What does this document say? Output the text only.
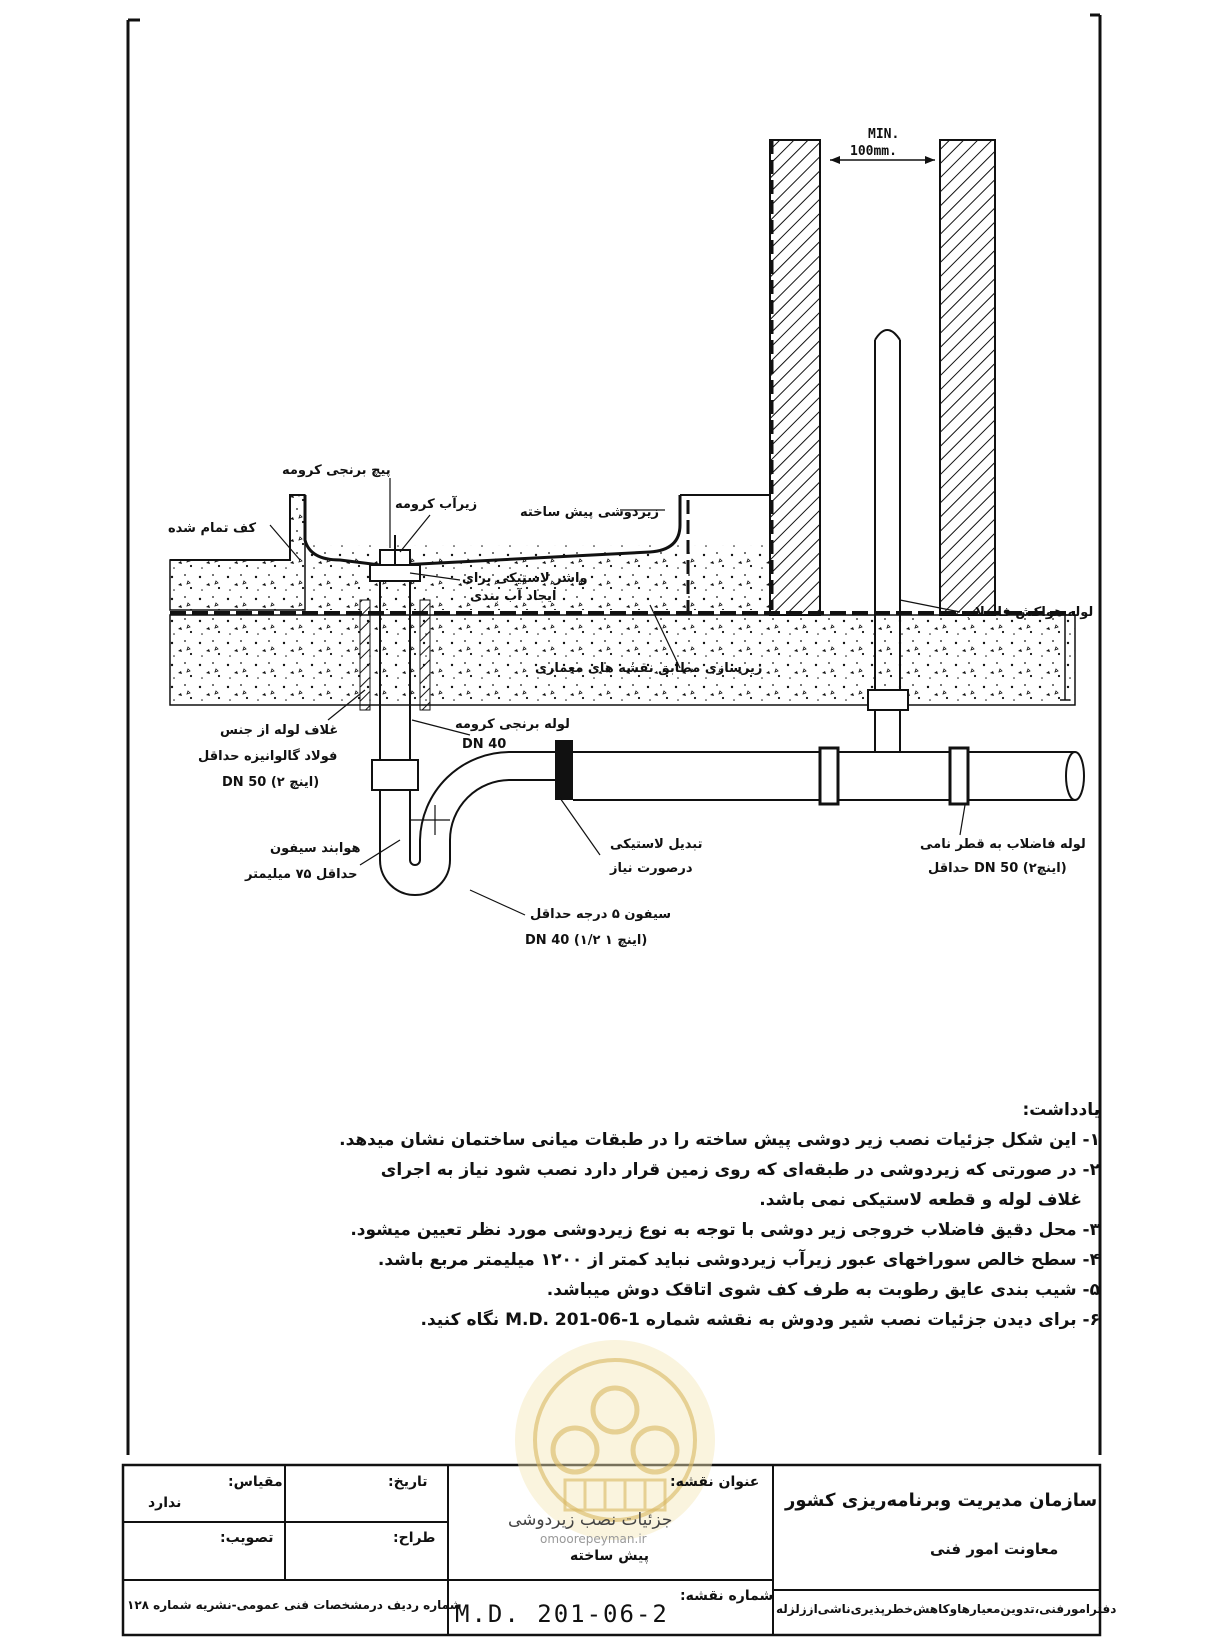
MIN.
100mm.
پیچ برنجی کرومه
زیرآب کرومه
زیردوشی پیش ساخته
کف تمام شده
واشر لاستیکی برای
ایجاد آب بندی
لوله هواکش فاضلاب
زیرسازی مطابق نقشه های معماری
غلاف لوله از جنس
فولاد گالوانیزه حداقل
DN 50 (۲ اینچ)
لوله برنجی کرومه
DN 40
هوابند سیفون
حداقل ۷۵ میلیمتر
تبدیل لاستیکی
درصورت نیاز
لوله فاضلاب به قطر نامی
حداقل DN 50 (۲اینچ)
سیفون ۵ درجه حداقل
DN 40 (۱/۲ ۱ اینچ)
یادداشت:
۱- این شکل جزئیات نصب زیر دوشی پیش ساخته را در طبقات میانی ساختمان نشان میدهد.
۲- در صورتی که زیردوشی در طبقه‌ای که روی زمین قرار دارد نصب شود نیاز به اجرای
غلاف لوله و قطعه لاستیکی نمی باشد.
۳- محل دقیق فاضلاب خروجی زیر دوشی با توجه به نوع زیردوشی مورد نظر تعیین میشود.
۴- سطح خالص سوراخهای عبور زیرآب زیردوشی نباید کمتر از ۱۲۰۰ میلیمتر مربع باشد.
۵- شیب بندی عایق رطوبت به طرف کف شوی اتاقک دوش میباشد.
۶- برای دیدن جزئیات نصب شیر ودوش به نقشه شماره M.D. 201-06-1 نگاه کنید.
مقیاس:
ندارد
تاریخ:
تصویب:	طراح:
عنوان نقشه:
جزئیات نصب زیردوشی
omoorepeyman.ir
پیش ساخته
سازمان مدیریت وبرنامه‌ریزی کشور
معاونت امور فنی
دفترامورفنی،تدوین‌معیارهاوکاهش‌خطرپذیری‌ناشی‌اززلزله
شماره ردیف درمشخصات فنی عمومی-نشریه شماره ۱۲۸
شماره نقشه:
M.D. 201-06-2
